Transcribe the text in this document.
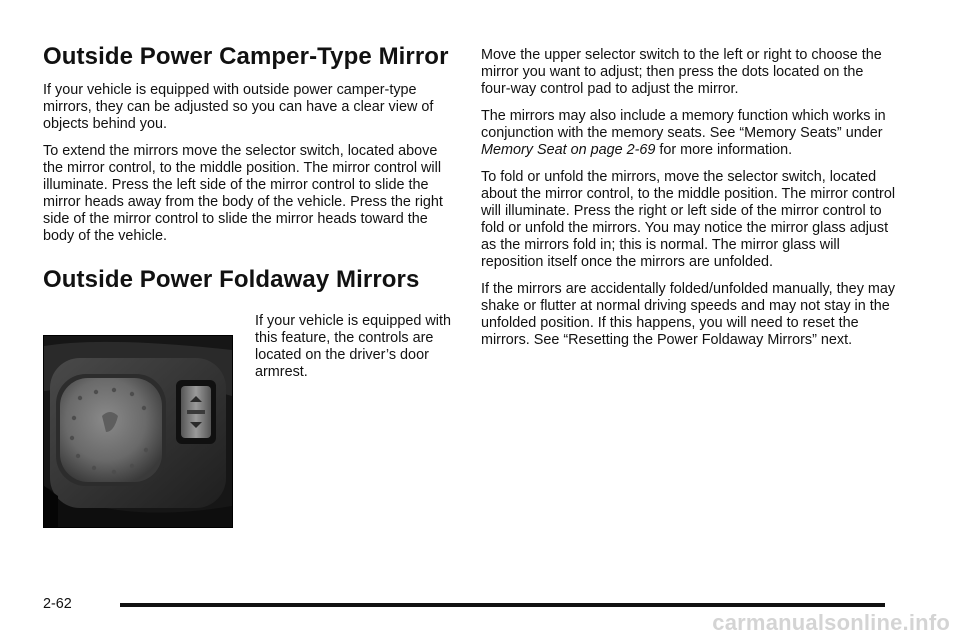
Outside Power Camper-Type Mirror

If your vehicle is equipped with outside power camper-type mirrors, they can be adjusted so you can have a clear view of objects behind you.

To extend the mirrors move the selector switch, located above the mirror control, to the middle position. The mirror control will illuminate. Press the left side of the mirror control to slide the mirror heads away from the body of the vehicle. Press the right side of the mirror control to slide the mirror heads toward the body of the vehicle.

Outside Power Foldaway Mirrors

If your vehicle is equipped with this feature, the controls are located on the driver’s door armrest.

Move the upper selector switch to the left or right to choose the mirror you want to adjust; then press the dots located on the four-way control pad to adjust the mirror.

The mirrors may also include a memory function which works in conjunction with the memory seats. See “Memory Seats” under Memory Seat on page 2-69 for more information.

To fold or unfold the mirrors, move the selector switch, located about the mirror control, to the middle position. The mirror control will illuminate. Press the right or left side of the mirror control to fold or unfold the mirrors. You may notice the mirror glass adjust as the mirrors fold in; this is normal. The mirror glass will reposition itself once the mirrors are unfolded.

If the mirrors are accidentally folded/unfolded manually, they may shake or flutter at normal driving speeds and may not stay in the unfolded position. If this happens, you will need to reset the mirrors. See “Resetting the Power Foldaway Mirrors” next.

2-62

carmanualsonline.info
